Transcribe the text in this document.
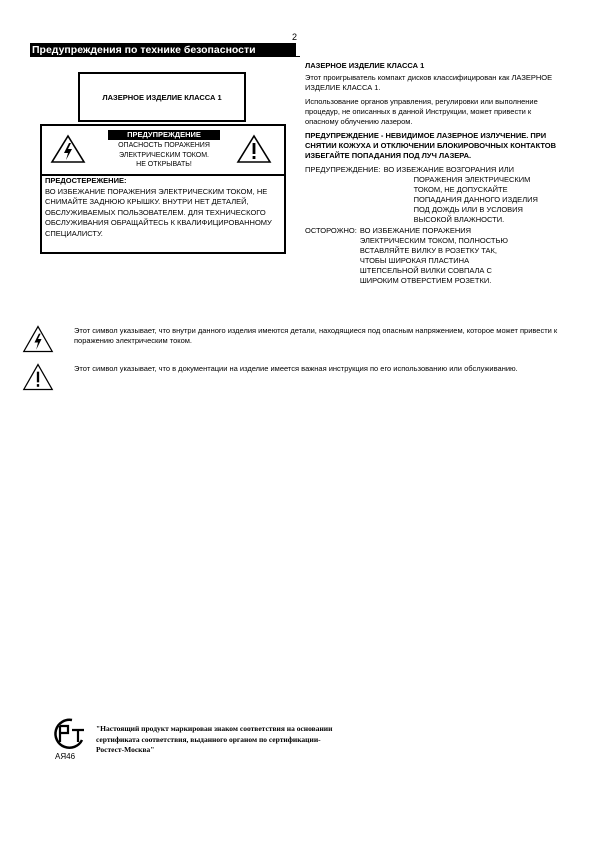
2
Предупреждения по технике безопасности
ЛАЗЕРНОЕ ИЗДЕЛИЕ КЛАССА 1
ПРЕДУПРЕЖДЕНИЕ
ОПАСНОСТЬ ПОРАЖЕНИЯ
ЭЛЕКТРИЧЕСКИМ ТОКОМ.
НЕ ОТКРЫВАТЬ!
ПРЕДОСТЕРЕЖЕНИЕ:
ВО ИЗБЕЖАНИЕ ПОРАЖЕНИЯ ЭЛЕКТРИЧЕСКИМ ТОКОМ, НЕ СНИМАЙТЕ ЗАДНЮЮ КРЫШКУ. ВНУТРИ НЕТ ДЕТАЛЕЙ, ОБСЛУЖИВАЕМЫХ ПОЛЬЗОВАТЕЛЕМ. ДЛЯ ТЕХНИЧЕСКОГО ОБСЛУЖИВАНИЯ ОБРАЩАЙТЕСЬ К КВАЛИФИЦИРОВАННОМУ СПЕЦИАЛИСТУ.
ЛАЗЕРНОЕ ИЗДЕЛИЕ КЛАССА 1
Этот проигрыватель компакт дисков классифицирован как ЛАЗЕРНОЕ ИЗДЕЛИЕ КЛАССА 1.
Использование органов управления, регулировки или выполнение процедур, не описанных в данной Инструкции, может привести к опасному облучению лазером.
ПРЕДУПРЕЖДЕНИЕ - НЕВИДИМОЕ ЛАЗЕРНОЕ ИЗЛУЧЕНИЕ. ПРИ СНЯТИИ КОЖУХА И ОТКЛЮЧЕНИИ БЛОКИРОВОЧНЫХ КОНТАКТОВ ИЗБЕГАЙТЕ ПОПАДАНИЯ ПОД ЛУЧ ЛАЗЕРА.
ПРЕДУПРЕЖДЕНИЕ: ВО ИЗБЕЖАНИЕ ВОЗГОРАНИЯ ИЛИ
ПОРАЖЕНИЯ ЭЛЕКТРИЧЕСКИМ
ТОКОМ, НЕ ДОПУСКАЙТЕ
ПОПАДАНИЯ ДАННОГО ИЗДЕЛИЯ
ПОД ДОЖДЬ ИЛИ В УСЛОВИЯ
ВЫСОКОЙ ВЛАЖНОСТИ.
ОСТОРОЖНО: ВО ИЗБЕЖАНИЕ ПОРАЖЕНИЯ
ЭЛЕКТРИЧЕСКИМ ТОКОМ, ПОЛНОСТЬЮ
ВСТАВЛЯЙТЕ ВИЛКУ В РОЗЕТКУ ТАК,
ЧТОБЫ ШИРОКАЯ ПЛАСТИНА
ШТЕПСЕЛЬНОЙ ВИЛКИ СОВПАЛА С
ШИРОКИМ ОТВЕРСТИЕМ РОЗЕТКИ.
Этот символ указывает, что внутри данного изделия имеются детали, находящиеся под опасным напряжением, которое может привести к поражению электрическим током.
Этот символ указывает, что в документации на изделие имеется важная инструкция по его использованию или обслуживанию.
АЯ46
"Настоящий продукт маркирован знаком соответствия на основании сертификата соответствия, выданного органом по сертификации-Ростест-Москва"
